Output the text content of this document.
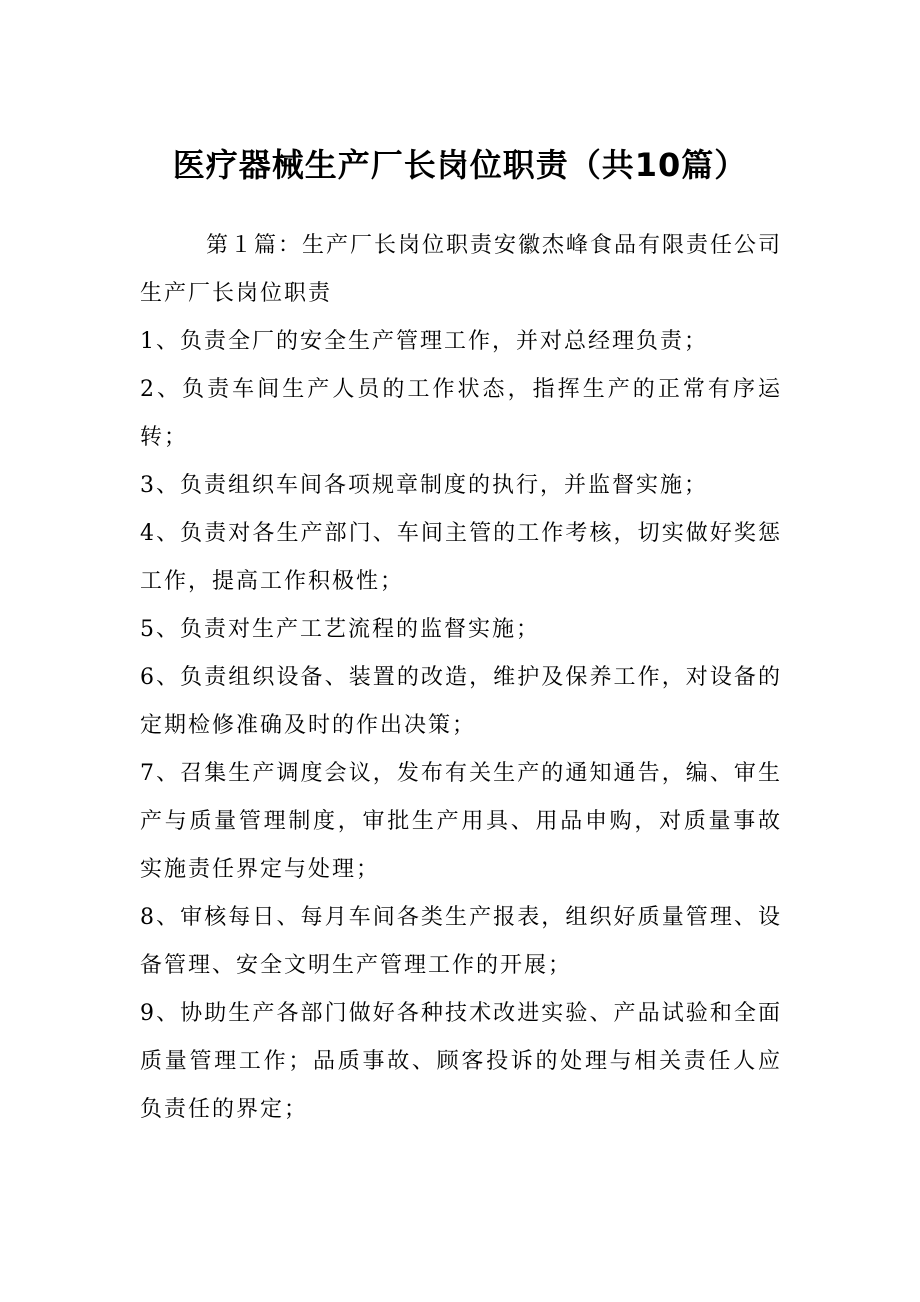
医疗器械生产厂长岗位职责（共10篇）

第１篇：生产厂长岗位职责安徽杰峰食品有限责任公司

生产厂长岗位职责

1、负责全厂的安全生产管理工作，并对总经理负责；

2、负责车间生产人员的工作状态，指挥生产的正常有序运转；

3、负责组织车间各项规章制度的执行，并监督实施；

4、负责对各生产部门、车间主管的工作考核，切实做好奖惩工作，提高工作积极性；

5、负责对生产工艺流程的监督实施；

6、负责组织设备、装置的改造，维护及保养工作，对设备的定期检修准确及时的作出决策；

7、召集生产调度会议，发布有关生产的通知通告，编、审生产与质量管理制度，审批生产用具、用品申购，对质量事故实施责任界定与处理；

8、审核每日、每月车间各类生产报表，组织好质量管理、设备管理、安全文明生产管理工作的开展；

9、协助生产各部门做好各种技术改进实验、产品试验和全面质量管理工作；品质事故、顾客投诉的处理与相关责任人应负责任的界定；
